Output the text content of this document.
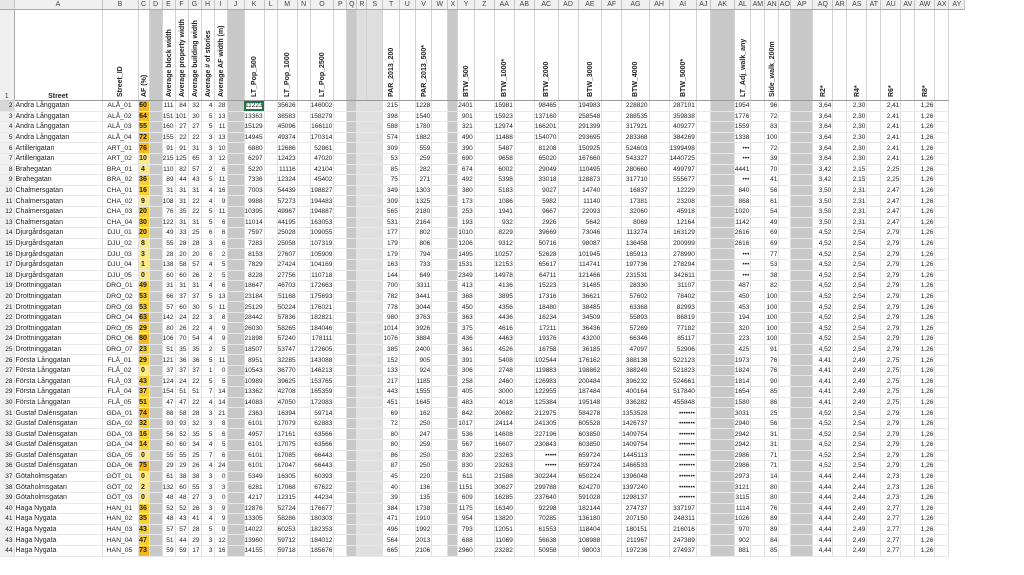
	A	B	C	D	E	F	G	H	I	J	K	L	M	N	O	P	Q	R	S	T	U	V	W	X	Y	Z	AA	AB	AC	AD	AE	AF	AG	AH	AI	AJ	AK	AL	AM	AN	AO	AP	AQ	AR	AS	AT	AU	AV	AW	AX	AY
1	Street	Street_ID	AF (%)		Average block width	Average property width	Average building width	Average # of stories	Average AF width (m)		LT_Pop_500		LT_Pop_1000		LT_Pop_2500					PAR_2013_200		PAR_2013_500*			BTW_500		BTW_1000*		BTW_2000		BTW_3000		BTW_4000		BTW_5000*			LT_Adj_walk_any		Side_walk_200m			R2*		R4*		R6*		R8*		

2	Andra Långgatan	ALÅ_01	60		111	84	32	4	28		11223		35626		146002					215		1228			2401		15981		98465		194983		228820		287101			1954		96			3,64		2,30		2,41		1,26		
3	Andra Långgatan	ALÅ_02	64		151	101	30	5	13		13363		38583		158279					398		1540			901		15923		137160		258548		288535		359838			1776		72			3,64		2,30		2,41		1,26		
4	Andra Långgatan	ALÅ_03	55		160	27	27	5	11		15129		45096		166110					588		1780			321		12974		166201		291399		317921		409277			1559		83			3,64		2,30		2,41		1,26		
5	Andra Långgatan	ALÅ_04	72		155	22	22	3	13		14945		49374		170314					574		1882			490		11488		154070		293695		283368		384269			1338		100			3,64		2,30		2,41		1,26		
6	Artillerigatan	ART_01	76		91	91	31	3	10		6880		12686		52861					309		559			390		5487		81208		150925		524603		1399498			•••		72			3,64		2,30		2,41		1,26		
7	Artillerigatan	ART_02	10		215	125	65	3	12		6297		12423		47020					53		259			690		9658		65020		167660		543327		1440725			•••		39			3,64		2,30		2,41		1,26		
8	Brahegatan	BRA_01	4		110	82	57	2	6		5220		11116		42104					85		282			674		6002		29049		110495		280660		499797			4441		70			3,42		2,15		2,25		1,26		
9	Brahegatan	BRA_02	36		89	44	43	5	11		7336		12324		45402					75		271			492		5398		33018		128873		317710		555677			•••		41			3,42		2,15		2,25		1,26		
10	Chalmersgatan	CHA_01	16		31	31	31	4	16		7003		54439		198827					349		1303			380		5183		9027		14740		16837		12229			840		56			3,50		2,31		2,47		1,26		
11	Chalmersgatan	CHA_02	9		108	31	22	4	9		9988		57273		194483					309		1325			173		1086		5982		11140		17381		23208			868		61			3,50		2,31		2,47		1,26		
12	Chalmersgatan	CHA_03	20		76	35	22	5	11		10395		49967		194887					565		2180			253		1941		9667		22093		32060		45918			1020		54			3,50		2,31		2,47		1,26		
13	Chalmersgatan	CHA_04	30		122	31	31	5	6		11014		44195		163053					531		2164			193		932		2926		5642		8069		12164			1142		49			3,50		2,31		2,47		1,26		
14	Djurgårdsgatan	DJU_01	20		49	33	25	6	6		7597		25028		109055					177		802			1010		8229		39669		73046		113274		163129			2616		69			4,52		2,54		2,79		1,26		
15	Djurgårdsgatan	DJU_02	8		55	28	28	3	6		7283		25058		107319					179		806			1206		9312		50716		98087		136458		200999			2616		69			4,52		2,54		2,79		1,26		
16	Djurgårdsgatan	DJU_03	3		28	20	20	6	2		8153		27607		105909					179		794			1495		10257		52628		101945		185913		278990			•••		77			4,52		2,54		2,79		1,26		
17	Djurgårdsgatan	DJU_04	1		138	58	57	4	5		7829		27424		104169					163		733			1531		12153		65617		114741		197736		278294			•••		53			4,52		2,54		2,79		1,26		
18	Djurgårdsgatan	DJU_05	0		60	60	26	2	5		8228		27756		110718					144		649			2349		14978		64711		121466		231531		342611			•••		38			4,52		2,54		2,79		1,26		
19	Drottninggatan	DRO_01	49		31	31	31	4	6		18647		46703		172663					700		3311			413		4136		15223		31485		28330		31107			487		82			4,52		2,54		2,79		1,26		
20	Drottninggatan	DRO_02	53		66	37	37	5	13		23184		51168		175693					782		3441			368		3895		17316		36621		57602		78402			450		100			4,52		2,54		2,79		1,26		
21	Drottninggatan	DRO_03	53		57	60	30	5	11		25129		50224		176021					778		3044			450		4356		18480		38485		63368		82993			453		100			4,52		2,54		2,79		1,26		
22	Drottninggatan	DRO_04	63		142	24	22	3	8		28442		57836		182821					980		3763			363		4436		16234		34509		55893		86819			194		100			4,52		2,54		2,79		1,26		
23	Drottninggatan	DRO_05	29		80	26	22	4	9		26030		58265		184046					1014		3926			375		4616		17211		36436		57269		77182			320		100			4,52		2,54		2,79		1,26		
24	Drottninggatan	DRO_06	80		106	70	54	4	9		21898		57240		178111					1076		3884			436		4463		19376		43200		66346		85117			223		100			4,52		2,54		2,79		1,26		
25	Drottninggatan	DRO_07	23		51	35	35	2	5		18507		53747		172605					385		2400			361		4526		16758		36185		47097		52906			425		91			4,52		2,54		2,79		1,26		
26	Första Långgatan	FLÅ_01	29		121	36	36	5	11		8951		32285		143088					152		905			391		5408		102544		176162		388138		522123			1973		76			4,41		2,49		2,75		1,26		
27	Första Långgatan	FLÅ_02	0		37	37	37	1	0		10543		36770		146213					133		924			306		2748		119883		198862		388249		521823			1824		76			4,41		2,49		2,75		1,26		
28	Första Långgatan	FLÅ_03	43		124	24	22	5	5		10989		39625		153765					217		1185			258		2460		126983		200484		396232		524661			1814		90			4,41		2,49		2,75		1,26		
29	Första Långgatan	FLÅ_04	37		154	51	51	7	14		13362		42708		165359					443		1555			405		3000		122955		187484		400164		517840			1654		85			4,41		2,49		2,75		1,26		
30	Första Långgatan	FLÅ_05	51		47	47	22	4	14		14083		47050		172083					451		1645			483		4018		125384		195148		336282		455848			1580		86			4,41		2,49		2,75		1,26		
31	Gustaf Dalénsgatan	GDA_01	74		88	58	28	3	21		2363		16394		59714					69		162			842		20682		212975		584278		1353528		•••••••			3031		25			4,52		2,54		2,79		1,26		
32	Gustaf Dalénsgatan	GDA_02	32		93	93	32	3	8		6101		17079		62883					72		250			1017		24114		241305		605528		1426737		•••••••			2940		56			4,52		2,54		2,79		1,26		
33	Gustaf Dalénsgatan	GDA_03	16		56	52	35	5	6		4957		17161		63566					80		247			536		14608		227196		603850		1409754		•••••••			2942		31			4,52		2,54		2,79		1,26		
34	Gustaf Dalénsgatan	GDA_04	14		60	60	34	4	5		6101		17075		63566					80		259			567		16607		230843		603850		1409754		•••••••			2942		31			4,52		2,54		2,79		1,26		
35	Gustaf Dalénsgatan	GDA_05	0		55	55	25	7	6		6101		17085		66443					86		250			830		23263		•••••		659724		1445113		•••••••			2986		71			4,52		2,54		2,79		1,26		
36	Gustaf Dalénsgatan	GDA_06	75		29	29	26	4	24		6101		17047		66443					87		250			830		23263		•••••		659724		1466533		•••••••			2986		71			4,52		2,54		2,79		1,26		
37	Götaholmsgatan	GÖT_01	0		61	38	38	3	0		5349		16305		60393					45		220			611		21588		302244		650224		1396048		•••••••			2973		14			4,44		2,44		2,73		1,26		
38	Götaholmsgatan	GÖT_02	2		132	60	55	3	3		6281		17068		67622					40		136			1151		30627		299788		624270		1397240		•••••••			3121		80			4,44		2,44		2,73		1,26		
39	Götaholmsgatan	GÖT_03	0		48	48	27	3	0		4217		12315		44234					39		135			609		16285		237640		591028		1298137		•••••••			3115		80			4,44		2,44		2,73		1,26		
40	Haga Nygata	HAN_01	36		52	52	26	3	9		12876		52724		176677					384		1738			1175		16340		92298		182144		274737		337197			1114		76			4,44		2,49		2,77		1,26		
41	Haga Nygata	HAN_02	35		48	43	41	4	9		13305		58286		180303					471		1910			954		13820		70285		136180		207150		248311			1026		89			4,44		2,49		2,77		1,26		
42	Haga Nygata	HAN_03	43		57	57	28	5	9		14022		60253		182353					496		1992			793		12051		61553		118404		180151		216016			970		89			4,44		2,49		2,77		1,26		
43	Haga Nygata	HAN_04	47		51	44	29	3	12		13960		59712		184012					564		2013			688		11069		56638		108988		211967		247389			902		84			4,44		2,49		2,77		1,26		
44	Haga Nygata	HAN_05	73		59	59	17	3	16		14155		59718		185676					665		2106			2960		23282		50958		98003		197236		274937			881		85			4,44		2,49		2,77		1,26		
